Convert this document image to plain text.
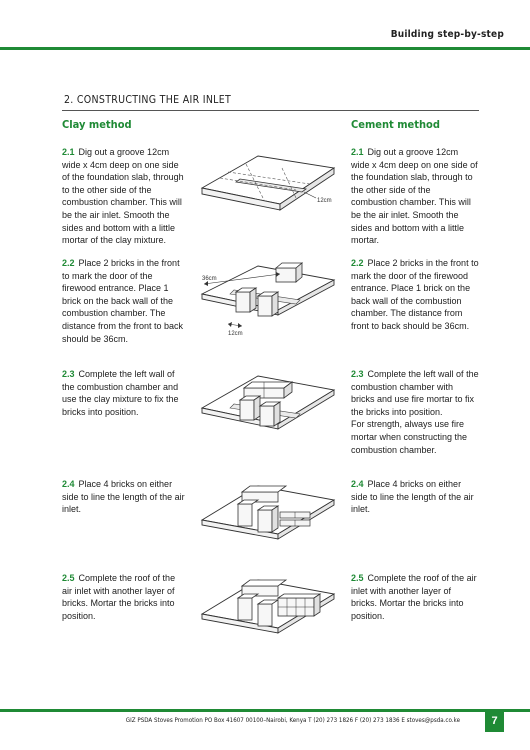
Building step-by-step
2. CONSTRUCTING THE AIR INLET
Clay method	Cement method
2.1 Dig out a groove 12cm wide x 4cm deep on one side of the foundation slab, through to the other side of the combustion chamber. This will be the air inlet. Smooth the sides and bottom with a little mortar of the clay mixture.
12cm
2.1 Dig out a groove 12cm wide x 4cm deep on one side of the foundation slab, through to the other side of the combustion chamber. This will be the air inlet. Smooth the sides and bottom with a little mortar.
2.2 Place 2 bricks in the front to mark the door of the firewood entrance. Place 1 brick on the back wall of the combustion chamber. The distance from the front to back should be 36cm.
36cm
12cm
2.2 Place 2 bricks in the front to mark the door of the firewood entrance. Place 1 brick on the back wall of the combustion chamber. The distance from front to back should be 36cm.
2.3 Complete the left wall of the combustion chamber and use the clay mixture to fix the bricks into position.
2.3 Complete the left wall of the combustion chamber with bricks and use fire mortar to fix the bricks into position.
For strength, always use fire mortar when constructing the combustion chamber.
2.4 Place 4 bricks on either side to line the length of the air inlet.
2.4 Place 4 bricks on either side to line the length of the air inlet.
2.5 Complete the roof of the air inlet with another layer of bricks. Mortar the bricks into position.
2.5 Complete the roof of the air inlet with another layer of bricks. Mortar the bricks into position.
GIZ PSDA Stoves Promotion PO Box 41607 00100–Nairobi, Kenya T (20) 273 1826 F (20) 273 1836 E stoves@psda.co.ke	7
